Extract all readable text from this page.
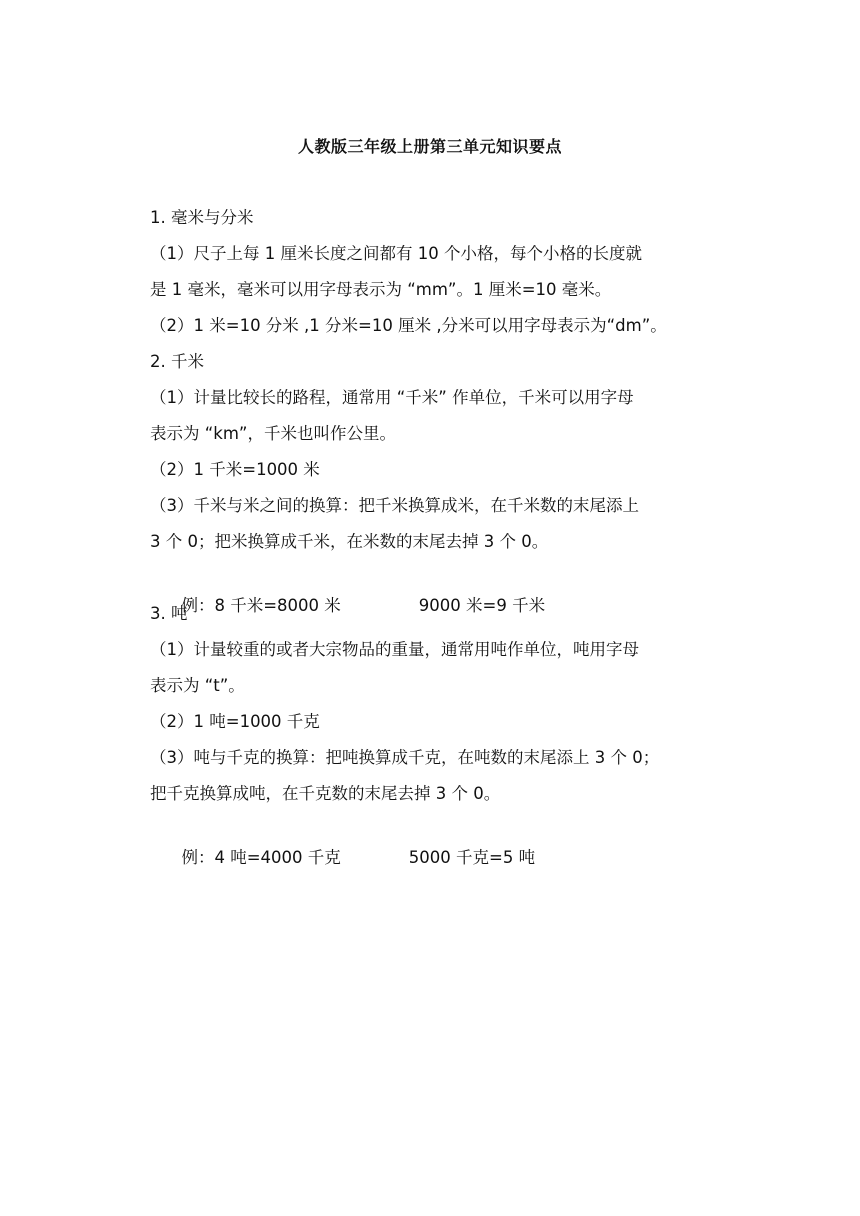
人教版三年级上册第三单元知识要点
1. 毫米与分米
（1）尺子上每 1 厘米长度之间都有 10 个小格，每个小格的长度就
是 1 毫米，毫米可以用字母表示为 “mm”。1 厘米=10 毫米。
（2）1 米=10 分米 ,1 分米=10 厘米 ,分米可以用字母表示为“dm”。
2. 千米
（1）计量比较长的路程，通常用 “千米” 作单位，千米可以用字母
表示为 “km”，千米也叫作公里。
（2）1 千米=1000 米
（3）千米与米之间的换算：把千米换算成米，在千米数的末尾添上
3 个 0；把米换算成千米，在米数的末尾去掉 3 个 0。

例：8 千米=8000 米	9000 米=9 千米

3. 吨
（1）计量较重的或者大宗物品的重量，通常用吨作单位，吨用字母
表示为 “t”。
（2）1 吨=1000 千克
（3）吨与千克的换算：把吨换算成千克，在吨数的末尾添上 3 个 0；
把千克换算成吨，在千克数的末尾去掉 3 个 0。

例：4 吨=4000 千克	5000 千克=5 吨
